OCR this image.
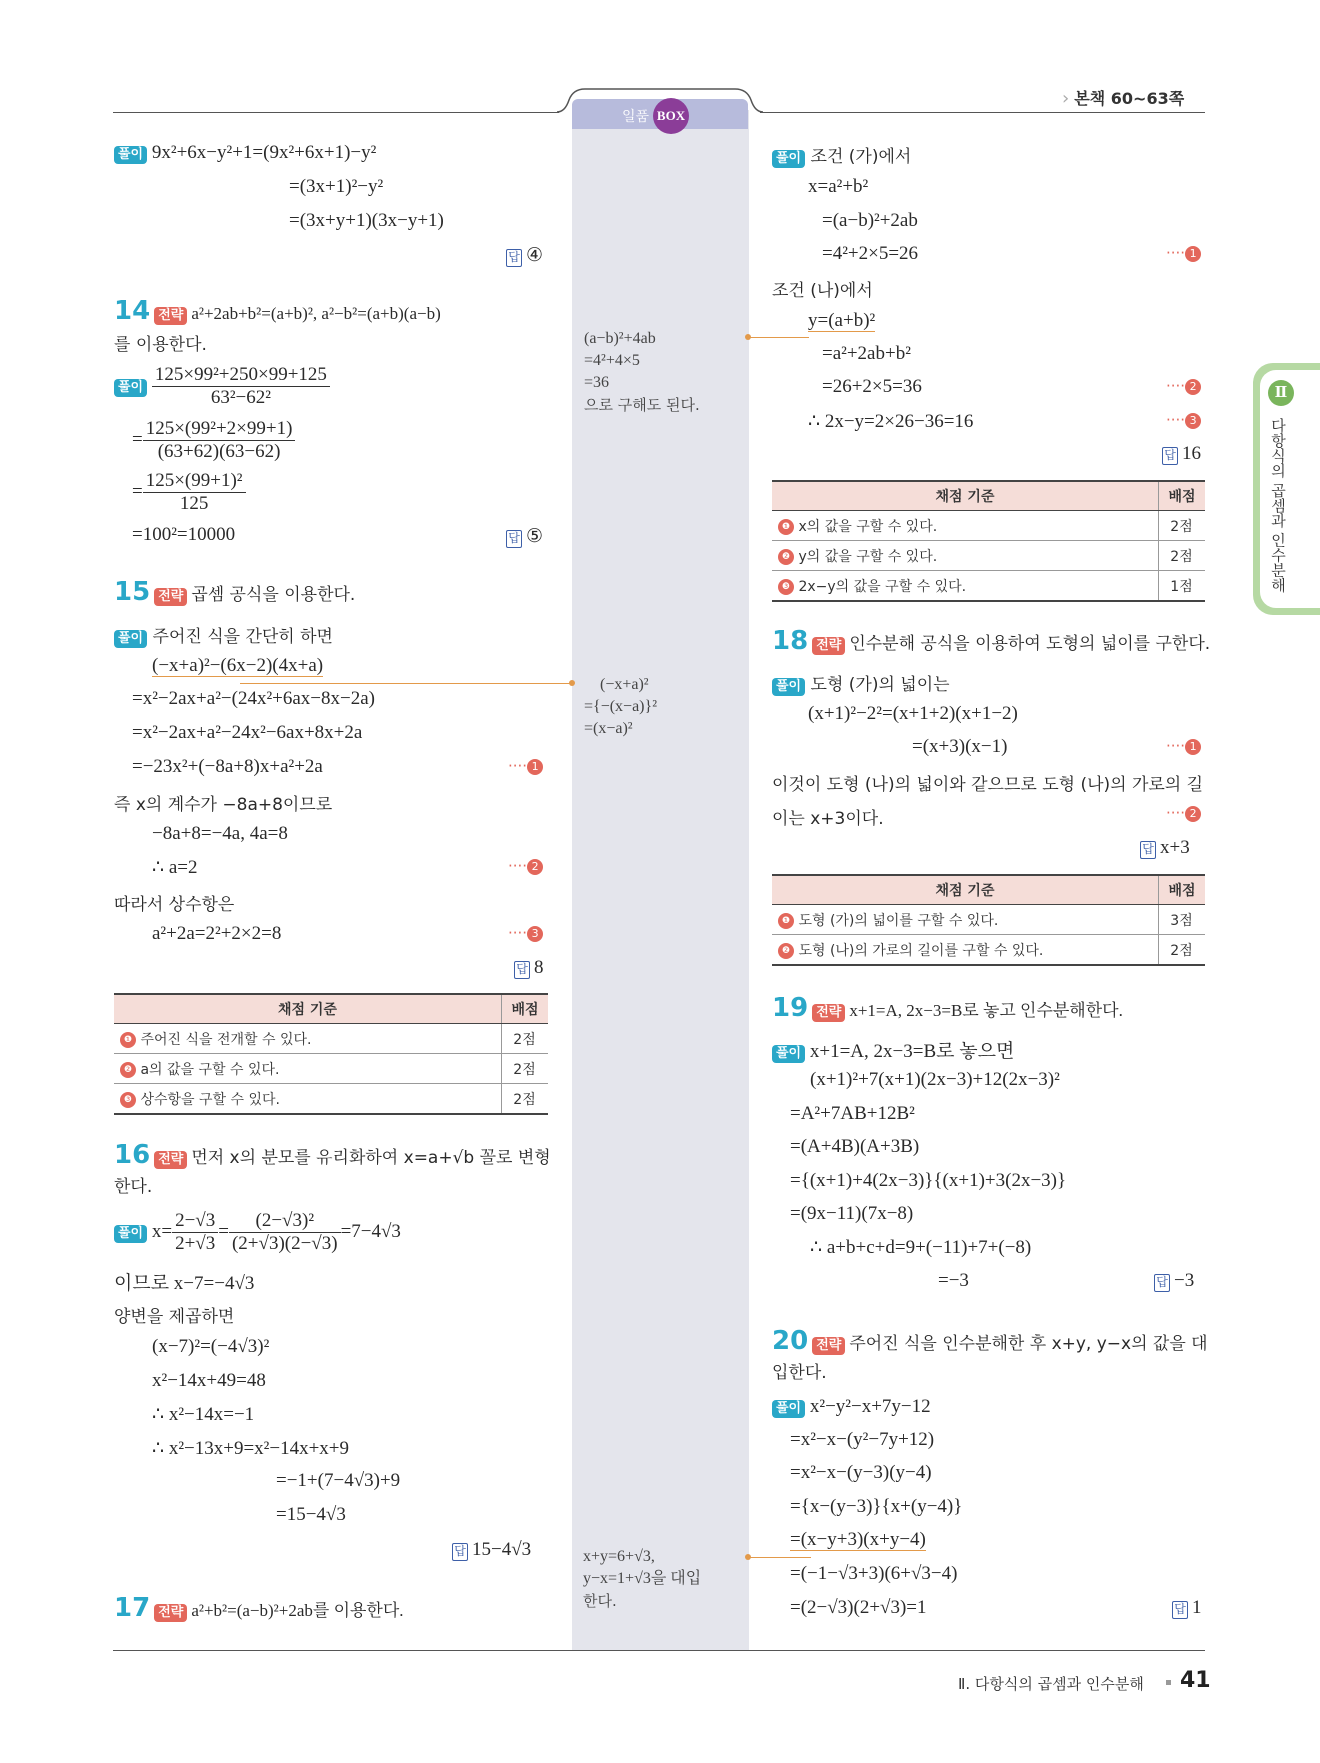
일품 BOX
› 본책 60~63쪽
Ⅱ
다항식의 곱셈과 인수분해
풀이 9x²+6x−y²+1=(9x²+6x+1)−y²
=(3x+1)²−y²
=(3x+y+1)(3x−y+1)
답 ④
14 전략 a²+2ab+b²=(a+b)², a²−b²=(a+b)(a−b)
를 이용한다.
풀이 $\frac{\text{125×99²+250×99+125}}{\text{63²−62²}}$
= $\frac{\text{125×(99²+2×99+1)}}{(63+62)(63-62)}$
= $\frac{\text{125×(99+1)²}}{125}$
=100²=10000	답 ⑤
15 전략 곱셈 공식을 이용한다.
풀이 주어진 식을 간단히 하면
(−x+a)²−(6x−2)(4x+a)
=x²−2ax+a²−(24x²+6ax−8x−2a)
=x²−2ax+a²−24x²−6ax+8x+2a
=−23x²+(−8a+8)x+a²+2a	···· 1
즉 x의 계수가 −8a+8이므로
−8a+8=−4a, 4a=8
∴ a=2	···· 2
따라서 상수항은
a²+2a=2²+2×2=8	···· 3
답 8
채점 기준	배점
❶ 주어진 식을 전개할 수 있다.	2점
❷ a의 값을 구할 수 있다.	2점
❸ 상수항을 구할 수 있다.	2점
16 전략 먼저 x의 분모를 유리화하여 x=a+√b 꼴로 변형
한다.
풀이 $x= \frac{2-√3}{2+√3} = \frac{\text{(2−√3)²}}{(2+√3)(2-√3)} =7-4√3$
이므로 x−7=−4√3
양변을 제곱하면
(x−7)²=(−4√3)²
x²−14x+49=48
∴ x²−14x=−1
∴ x²−13x+9=x²−14x+x+9
=−1+(7−4√3)+9
=15−4√3
답 15−4√3
17 전략 a²+b²=(a−b)²+2ab를 이용한다.
(a−b)²+4ab
=4²+4×5
=36
으로 구해도 된다.
(−x+a)²
={−(x−a)}²
=(x−a)²
x+y=6+√3,
y−x=1+√3을 대입
한다.
풀이 조건 (가)에서
x=a²+b²
=(a−b)²+2ab
=4²+2×5=26	···· 1
조건 (나)에서
y=(a+b)²
=a²+2ab+b²
=26+2×5=36	···· 2
∴ 2x−y=2×26−36=16	···· 3
답 16
채점 기준	배점
❶ x의 값을 구할 수 있다.	2점
❷ y의 값을 구할 수 있다.	2점
❸ 2x−y의 값을 구할 수 있다.	1점
18 전략 인수분해 공식을 이용하여 도형의 넓이를 구한다.
풀이 도형 (가)의 넓이는
(x+1)²−2²=(x+1+2)(x+1−2)
=(x+3)(x−1)	···· 1
이것이 도형 (나)의 넓이와 같으므로 도형 (나)의 가로의 길
이는 x+3이다.	···· 2
답 x+3
채점 기준	배점
❶ 도형 (가)의 넓이를 구할 수 있다.	3점
❷ 도형 (나)의 가로의 길이를 구할 수 있다.	2점
19 전략 x+1=A, 2x−3=B로 놓고 인수분해한다.
풀이 x+1=A, 2x−3=B로 놓으면
(x+1)²+7(x+1)(2x−3)+12(2x−3)²
=A²+7AB+12B²
=(A+4B)(A+3B)
={(x+1)+4(2x−3)}{(x+1)+3(2x−3)}
=(9x−11)(7x−8)
∴ a+b+c+d=9+(−11)+7+(−8)
=−3	답 −3
20 전략 주어진 식을 인수분해한 후 x+y, y−x의 값을 대
입한다.
풀이 x²−y²−x+7y−12
=x²−x−(y²−7y+12)
=x²−x−(y−3)(y−4)
={x−(y−3)}{x+(y−4)}
=(x−y+3)(x+y−4)
=(−1−√3+3)(6+√3−4)
=(2−√3)(2+√3)=1	답 1
Ⅱ. 다항식의 곱셈과 인수분해 41
